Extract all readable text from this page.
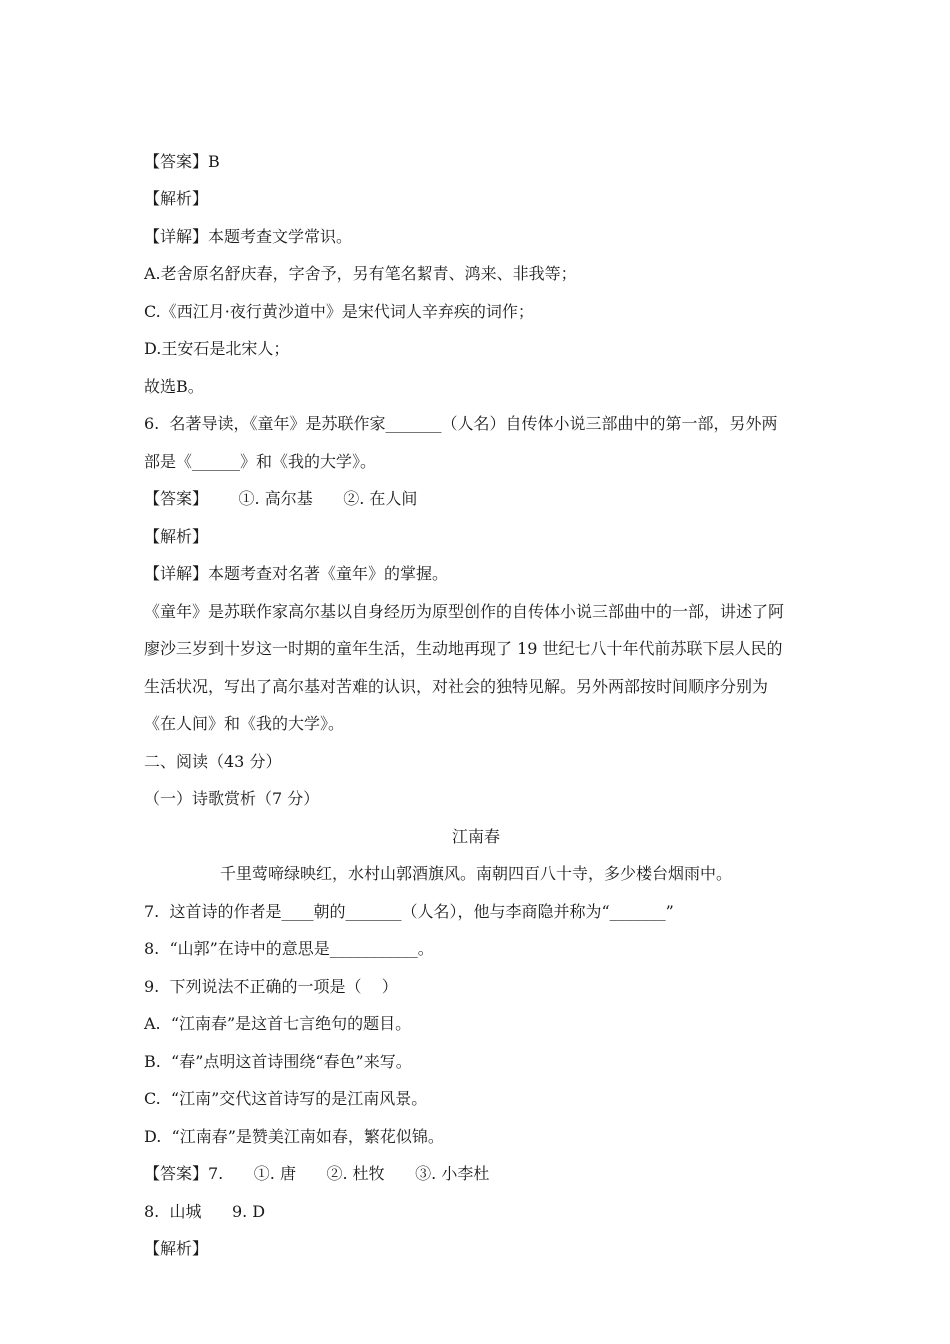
【答案】B
【解析】
【详解】本题考查文学常识。
A.老舍原名舒庆春，字舍予，另有笔名絜青、鸿来、非我等；
C.《西江月·夜行黄沙道中》是宋代词人辛弃疾的词作；
D.王安石是北宋人；
故选B。
6.  名著导读，《童年》是苏联作家_______（人名）自传体小说三部曲中的第一部，另外两
部是《______》和《我的大学》。
【答案】      ①. 高尔基      ②. 在人间
【解析】
【详解】本题考查对名著《童年》的掌握。
《童年》是苏联作家高尔基以自身经历为原型创作的自传体小说三部曲中的一部，讲述了阿
廖沙三岁到十岁这一时期的童年生活，生动地再现了 19 世纪七八十年代前苏联下层人民的
生活状况，写出了高尔基对苦难的认识，对社会的独特见解。另外两部按时间顺序分别为
《在人间》和《我的大学》。
二、阅读（43 分）
（一）诗歌赏析（7 分）
江南春
千里莺啼绿映红，水村山郭酒旗风。南朝四百八十寺，多少楼台烟雨中。
7.  这首诗的作者是____朝的_______（人名），他与李商隐并称为“_______”
8.  “山郭”在诗中的意思是___________。
9.  下列说法不正确的一项是（    ）
A.  “江南春”是这首七言绝句的题目。
B.  “春”点明这首诗围绕“春色”来写。
C.  “江南”交代这首诗写的是江南风景。
D.  “江南春”是赞美江南如春，繁花似锦。
【答案】7.      ①. 唐      ②. 杜牧      ③. 小李杜
8.  山城      9. D
【解析】
